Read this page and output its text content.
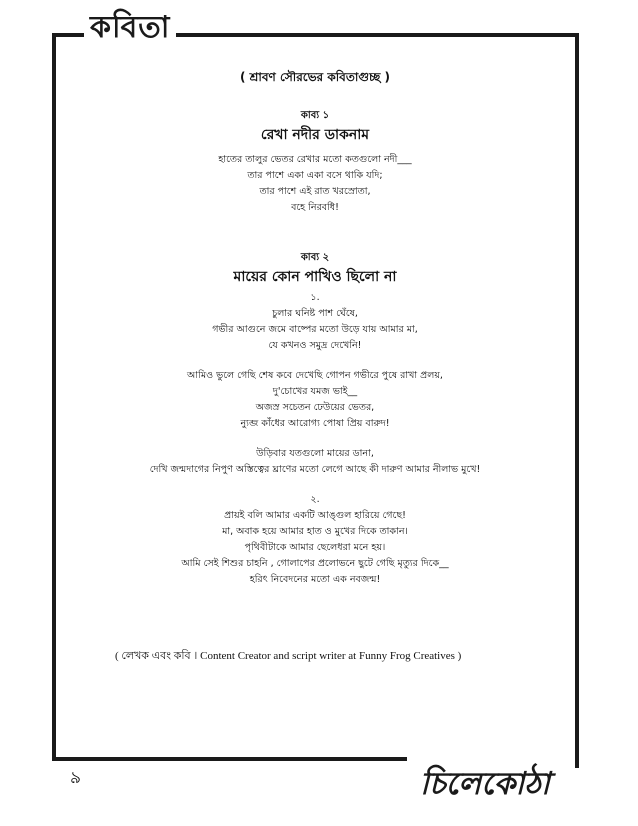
কবিতা
( শ্রাবণ সৌরভের কবিতাগুচ্ছ )
কাব্য ১
রেখা নদীর ডাকনাম
হাতের তালুর ভেতর রেখার মতো কতগুলো নদী___
তার পাশে একা একা বসে থাকি যদি;
তার পাশে এই রাত খরস্রোতা,
বহে নিরবধি!
কাব্য ২
মায়ের কোন পাখিও ছিলো না
১.
চুলার ঘনিষ্ট পাশ ঘেঁষে,
গভীর আগুনে জমে বাষ্পের মতো উড়ে যায় আমার মা,
যে কখনও সমুদ্র দেখেনি!
আমিও ভুলে গেছি শেষ কবে দেখেছি গোপন গভীরে পুষে রাখা প্রলয়,
দু'চোখের যমজ ভাই__
অজস্র সচেতন ঢেউয়ের ভেতর,
ন্যুব্জ কাঁধের আরোগ্য পোষা প্রিয় বারুদ!
উড়িবার যতগুলো মায়ের ডানা,
দেখি জন্মদাগের নিপুণ অস্তিত্বের ঘ্রাণের মতো লেগে আছে কী দারুণ আমার নীলাভ মুখে!
২.
প্রায়ই বলি আমার একটি আঙ্গুল হারিয়ে গেছে!
মা, অবাক হয়ে আমার হাত ও মুখের দিকে তাকান।
পৃথিবীটাকে আমার ছেলেধরা মনে হয়।
আমি সেই শিশুর চাহনি , গোলাপের প্রলোভনে ছুটে গেছি মৃত্যুর দিকে__
হরিৎ নিবেদনের মতো এক নবজন্ম!
( লেখক এবং কবি । Content Creator and script writer at Funny Frog Creatives )
৯	চিলেকোঠা
